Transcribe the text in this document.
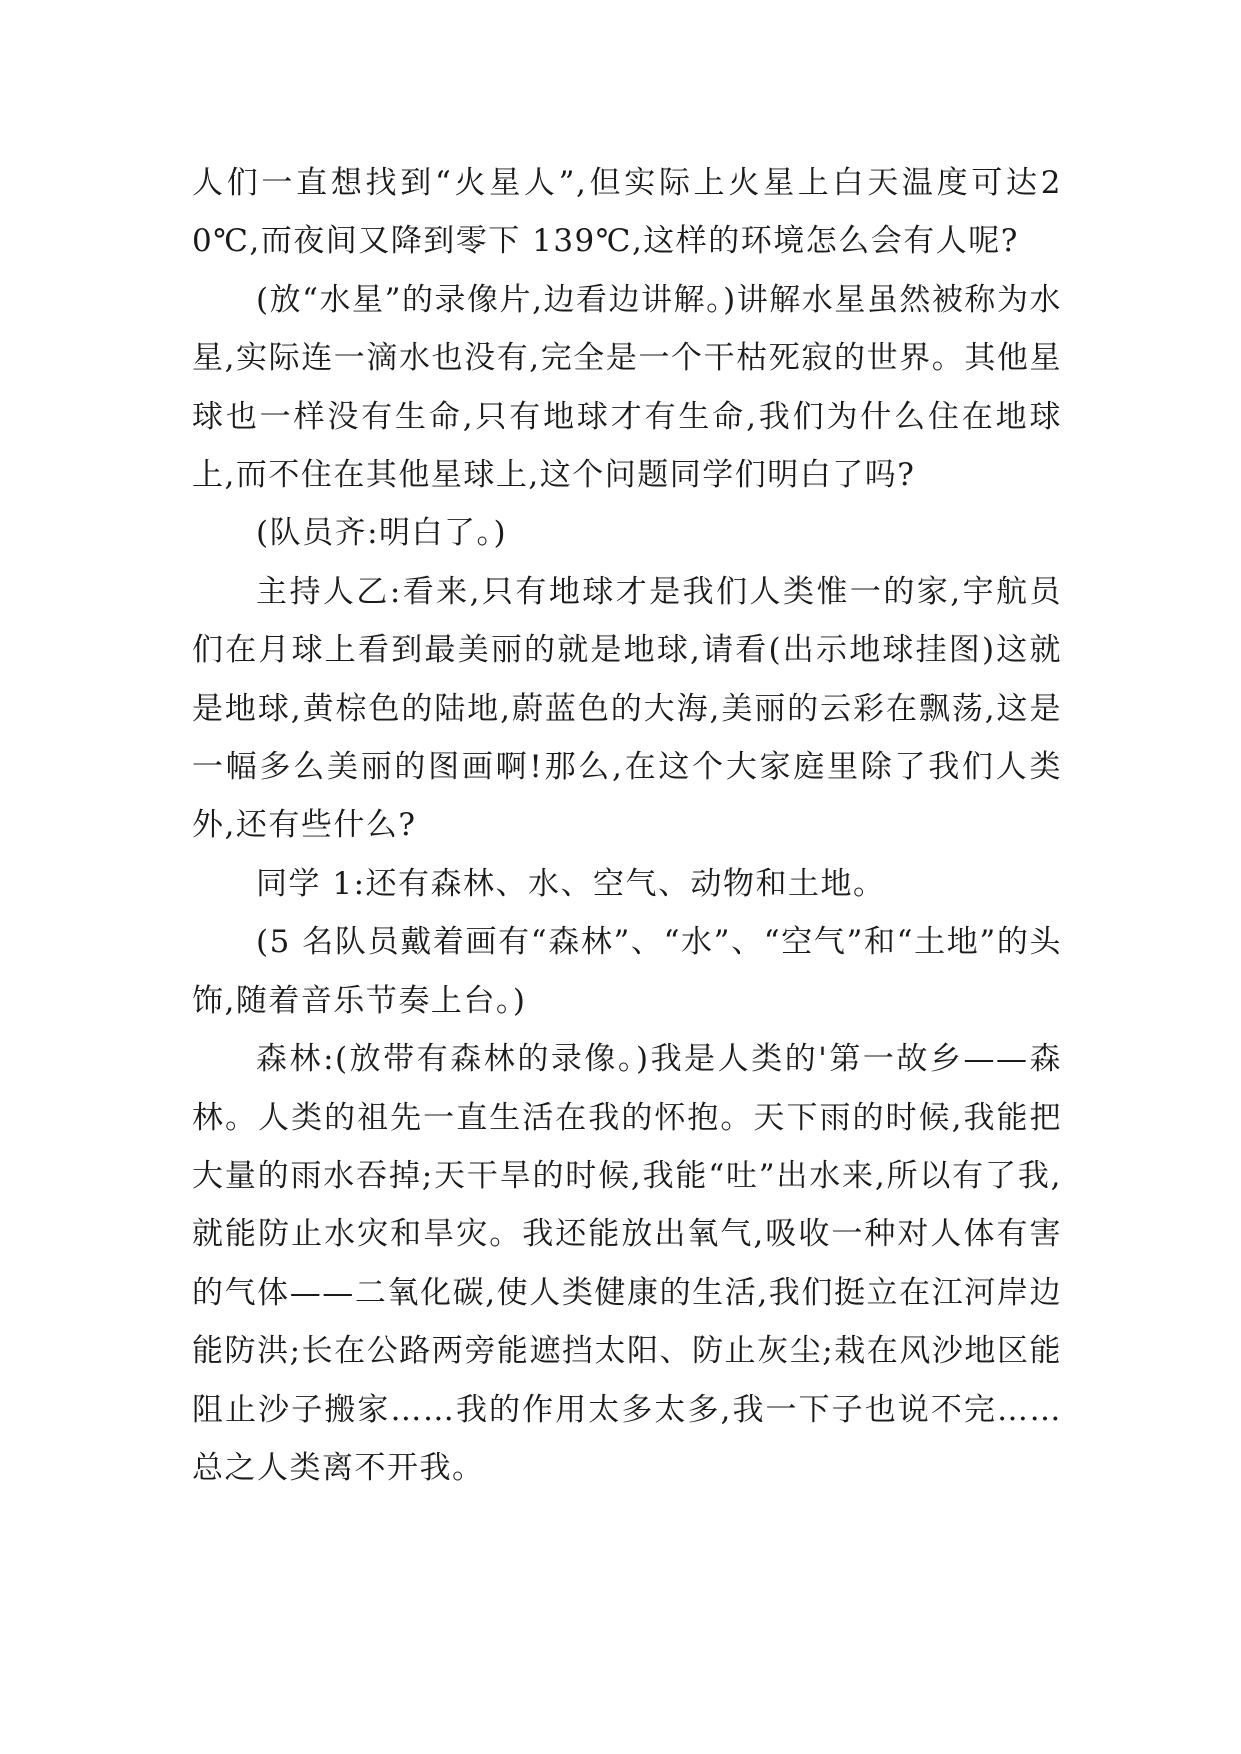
人们一直想找到“火星人”,但实际上火星上白天温度可达20℃,而夜间又降到零下 139℃,这样的环境怎么会有人呢?

(放“水星”的录像片,边看边讲解。)讲解水星虽然被称为水星,实际连一滴水也没有,完全是一个干枯死寂的世界。其他星球也一样没有生命,只有地球才有生命,我们为什么住在地球上,而不住在其他星球上,这个问题同学们明白了吗?

(队员齐:明白了。)

主持人乙:看来,只有地球才是我们人类惟一的家,宇航员们在月球上看到最美丽的就是地球,请看(出示地球挂图)这就是地球,黄棕色的陆地,蔚蓝色的大海,美丽的云彩在飘荡,这是一幅多么美丽的图画啊!那么,在这个大家庭里除了我们人类外,还有些什么?

同学 1:还有森林、水、空气、动物和土地。

(5 名队员戴着画有“森林”、“水”、“空气”和“土地”的头饰,随着音乐节奏上台。)

森林:(放带有森林的录像。)我是人类的'第一故乡——森林。人类的祖先一直生活在我的怀抱。天下雨的时候,我能把大量的雨水吞掉;天干旱的时候,我能“吐”出水来,所以有了我,就能防止水灾和旱灾。我还能放出氧气,吸收一种对人体有害的气体——二氧化碳,使人类健康的生活,我们挺立在江河岸边能防洪;长在公路两旁能遮挡太阳、防止灰尘;栽在风沙地区能阻止沙子搬家……我的作用太多太多,我一下子也说不完……总之人类离不开我。
